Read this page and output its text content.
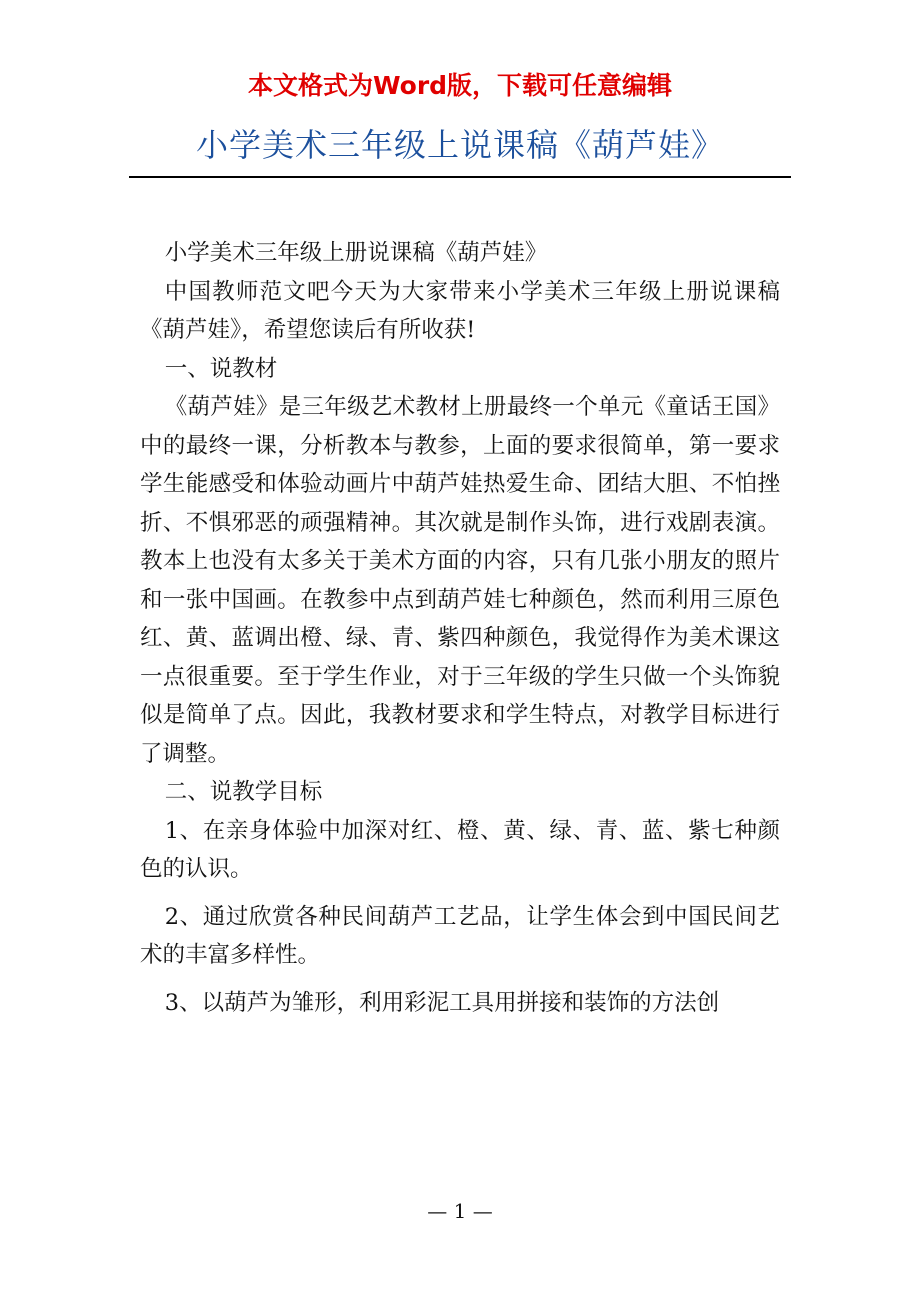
本文格式为Word版，下载可任意编辑
小学美术三年级上说课稿《葫芦娃》

小学美术三年级上册说课稿《葫芦娃》

中国教师范文吧今天为大家带来小学美术三年级上册说课稿《葫芦娃》，希望您读后有所收获!

一、说教材

《葫芦娃》是三年级艺术教材上册最终一个单元《童话王国》中的最终一课，分析教本与教参，上面的要求很简单，第一要求学生能感受和体验动画片中葫芦娃热爱生命、团结大胆、不怕挫折、不惧邪恶的顽强精神。其次就是制作头饰，进行戏剧表演。教本上也没有太多关于美术方面的内容，只有几张小朋友的照片和一张中国画。在教参中点到葫芦娃七种颜色，然而利用三原色红、黄、蓝调出橙、绿、青、紫四种颜色，我觉得作为美术课这一点很重要。至于学生作业，对于三年级的学生只做一个头饰貌似是简单了点。因此，我教材要求和学生特点，对教学目标进行了调整。

二、说教学目标

1、在亲身体验中加深对红、橙、黄、绿、青、蓝、紫七种颜色的认识。

2、通过欣赏各种民间葫芦工艺品，让学生体会到中国民间艺术的丰富多样性。

3、以葫芦为雏形，利用彩泥工具用拼接和装饰的方法创

— 1 —
